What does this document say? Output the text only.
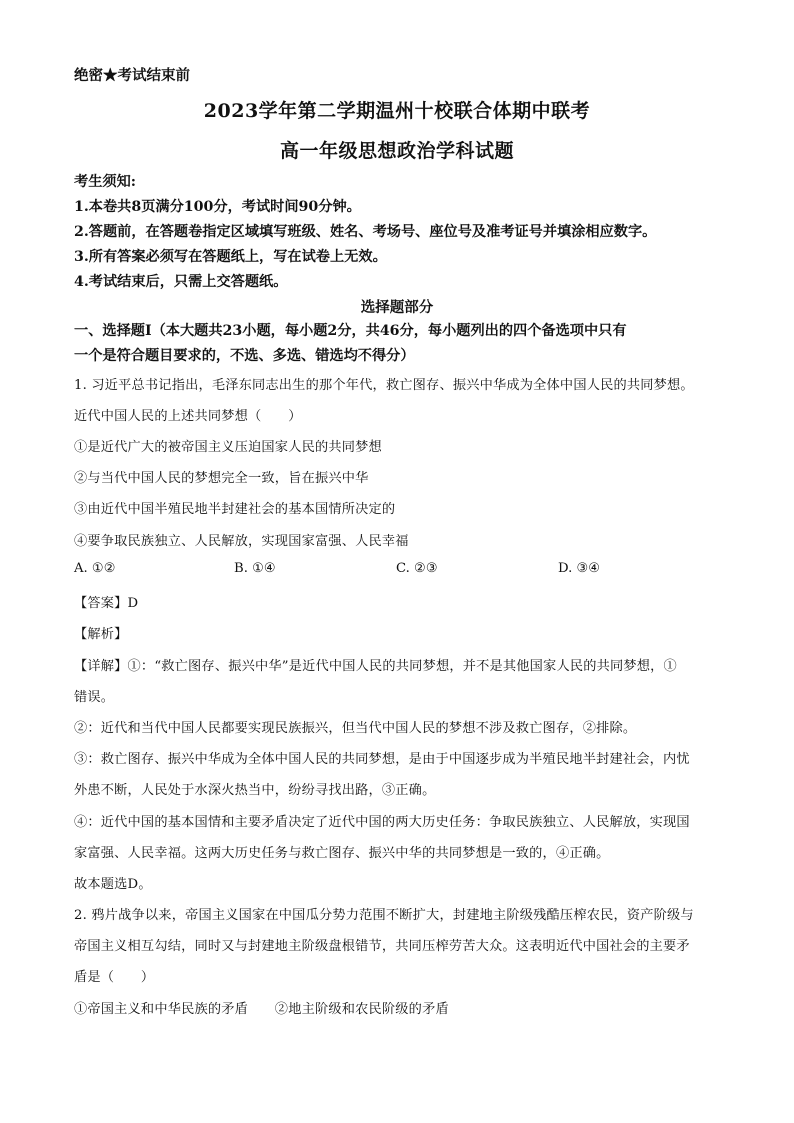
绝密★考试结束前
2023学年第二学期温州十校联合体期中联考
高一年级思想政治学科试题
考生须知:
1.本卷共8页满分100分，考试时间90分钟。
2.答题前，在答题卷指定区域填写班级、姓名、考场号、座位号及准考证号并填涂相应数字。
3.所有答案必须写在答题纸上，写在试卷上无效。
4.考试结束后，只需上交答题纸。
选择题部分
一、选择题Ⅰ（本大题共23小题，每小题2分，共46分，每小题列出的四个备选项中只有
一个是符合题目要求的，不选、多选、错选均不得分）
1. 习近平总书记指出，毛泽东同志出生的那个年代，救亡图存、振兴中华成为全体中国人民的共同梦想。
近代中国人民的上述共同梦想（　　）
①是近代广大的被帝国主义压迫国家人民的共同梦想
②与当代中国人民的梦想完全一致，旨在振兴中华
③由近代中国半殖民地半封建社会的基本国情所决定的
④要争取民族独立、人民解放，实现国家富强、人民幸福
A. ①②	B. ①④	C. ②③	D. ③④
【答案】D
【解析】
【详解】①：“救亡图存、振兴中华”是近代中国人民的共同梦想，并不是其他国家人民的共同梦想，①
错误。
②：近代和当代中国人民都要实现民族振兴，但当代中国人民的梦想不涉及救亡图存，②排除。
③：救亡图存、振兴中华成为全体中国人民的共同梦想，是由于中国逐步成为半殖民地半封建社会，内忧
外患不断，人民处于水深火热当中，纷纷寻找出路，③正确。
④：近代中国的基本国情和主要矛盾决定了近代中国的两大历史任务：争取民族独立、人民解放，实现国
家富强、人民幸福。这两大历史任务与救亡图存、振兴中华的共同梦想是一致的，④正确。
故本题选D。
2. 鸦片战争以来，帝国主义国家在中国瓜分势力范围不断扩大，封建地主阶级残酷压榨农民，资产阶级与
帝国主义相互勾结，同时又与封建地主阶级盘根错节，共同压榨劳苦大众。这表明近代中国社会的主要矛
盾是（　　）
①帝国主义和中华民族的矛盾　　②地主阶级和农民阶级的矛盾
